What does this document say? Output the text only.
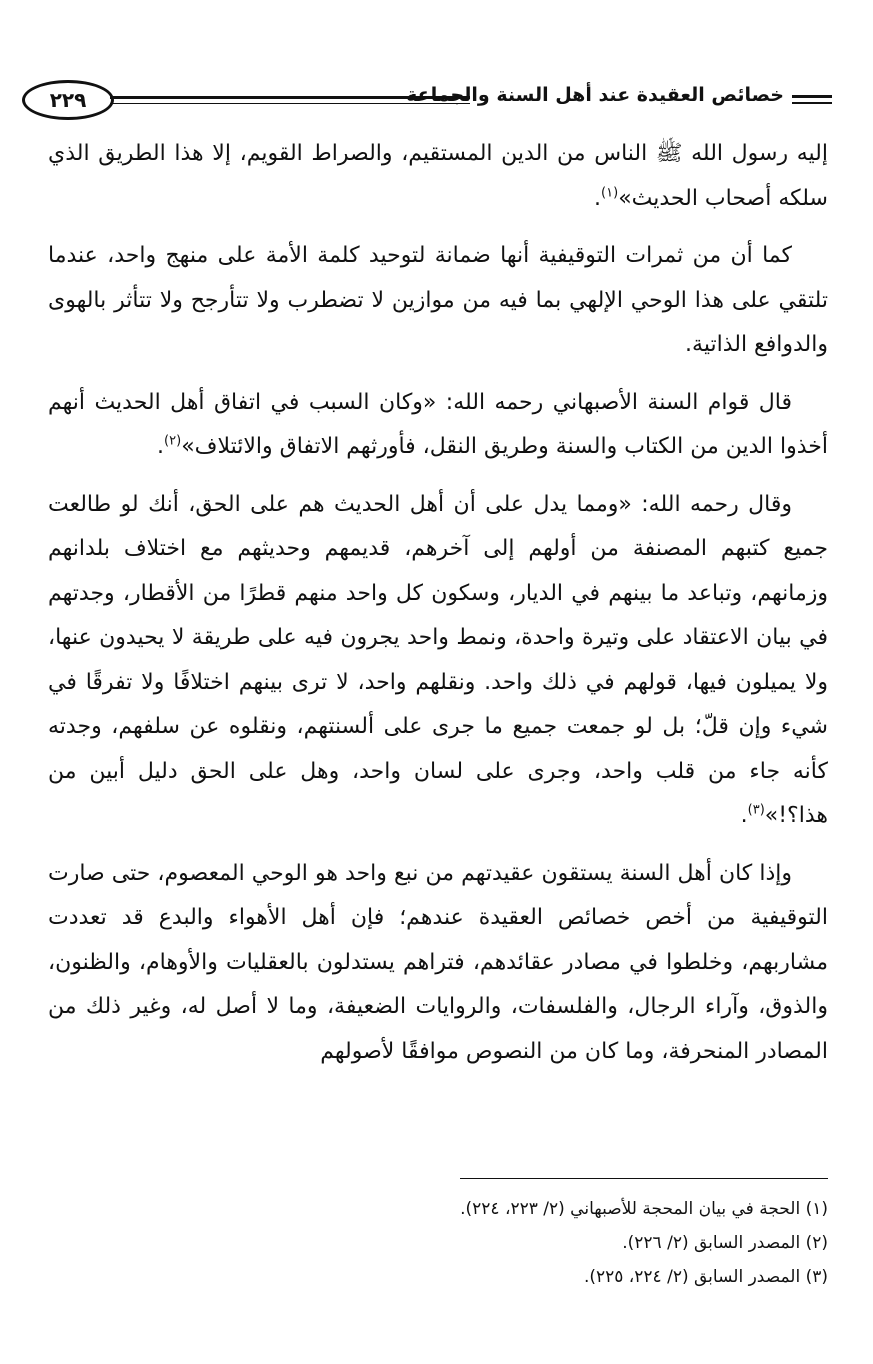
٢٢٩	خصائص العقيدة عند أهل السنة والجماعة

إليه رسول الله ﷺ الناس من الدين المستقيم، والصراط القويم، إلا هذا الطريق الذي سلكه أصحاب الحديث»$^{(١)}$.

كما أن من ثمرات التوقيفية أنها ضمانة لتوحيد كلمة الأمة على منهج واحد، عندما تلتقي على هذا الوحي الإلهي بما فيه من موازين لا تضطرب ولا تتأرجح ولا تتأثر بالهوى والدوافع الذاتية.

قال قوام السنة الأصبهاني رحمه الله: «وكان السبب في اتفاق أهل الحديث أنهم أخذوا الدين من الكتاب والسنة وطريق النقل، فأورثهم الاتفاق والائتلاف»$^{(٢)}$.

وقال رحمه الله: «ومما يدل على أن أهل الحديث هم على الحق، أنك لو طالعت جميع كتبهم المصنفة من أولهم إلى آخرهم، قديمهم وحديثهم مع اختلاف بلدانهم وزمانهم، وتباعد ما بينهم في الديار، وسكون كل واحد منهم قطرًا من الأقطار، وجدتهم في بيان الاعتقاد على وتيرة واحدة، ونمط واحد يجرون فيه على طريقة لا يحيدون عنها، ولا يميلون فيها، قولهم في ذلك واحد. ونقلهم واحد، لا ترى بينهم اختلافًا ولا تفرقًا في شيء وإن قلّ؛ بل لو جمعت جميع ما جرى على ألسنتهم، ونقلوه عن سلفهم، وجدته كأنه جاء من قلب واحد، وجرى على لسان واحد، وهل على الحق دليل أبين من هذا؟!»$^{(٣)}$.

وإذا كان أهل السنة يستقون عقيدتهم من نبع واحد هو الوحي المعصوم، حتى صارت التوقيفية من أخص خصائص العقيدة عندهم؛ فإن أهل الأهواء والبدع قد تعددت مشاربهم، وخلطوا في مصادر عقائدهم، فتراهم يستدلون بالعقليات والأوهام، والظنون، والذوق، وآراء الرجال، والفلسفات، والروايات الضعيفة، وما لا أصل له، وغير ذلك من المصادر المنحرفة، وما كان من النصوص موافقًا لأصولهم

(١) الحجة في بيان المحجة للأصبهاني (٢/ ٢٢٣، ٢٢٤).
(٢) المصدر السابق (٢/ ٢٢٦).
(٣) المصدر السابق (٢/ ٢٢٤، ٢٢٥).
